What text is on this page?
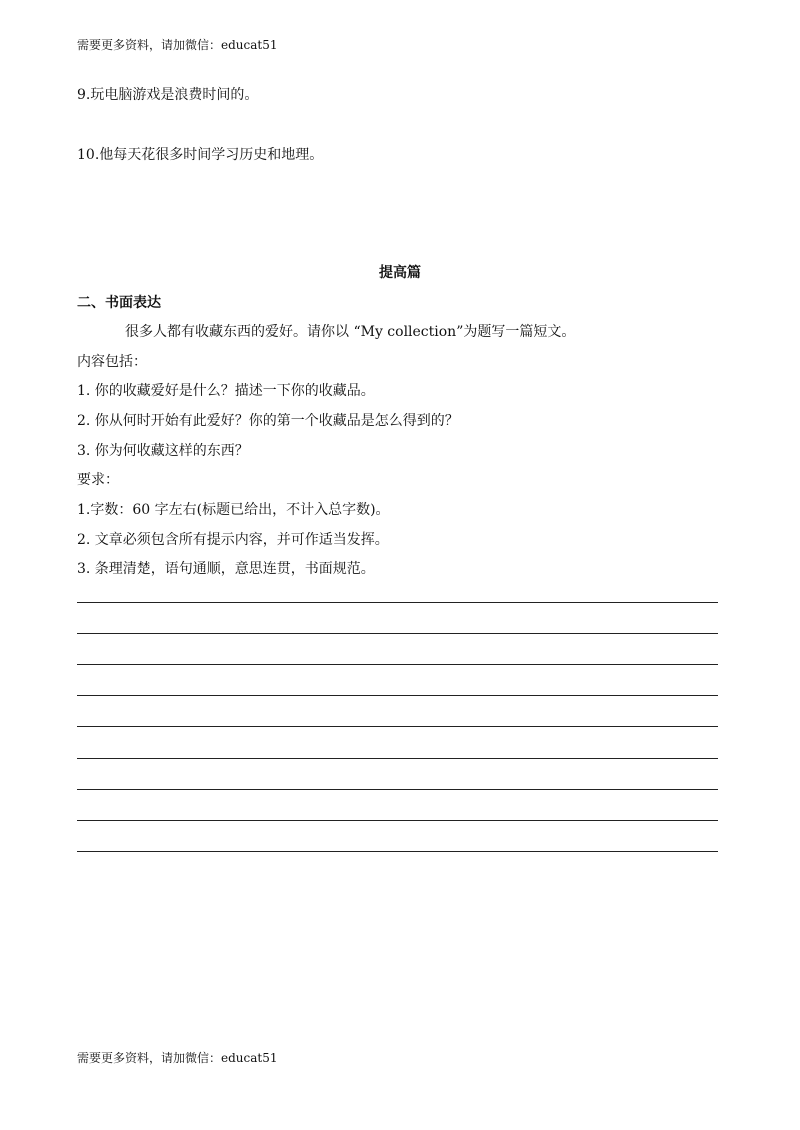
需要更多资料，请加微信：educat51
9.玩电脑游戏是浪费时间的。
10.他每天花很多时间学习历史和地理。
提高篇
二、书面表达
很多人都有收藏东西的爱好。请你以 “My collection”为题写一篇短文。
内容包括：
1. 你的收藏爱好是什么？描述一下你的收藏品。
2. 你从何时开始有此爱好？你的第一个收藏品是怎么得到的？
3. 你为何收藏这样的东西？
要求：
1.字数：60 字左右(标题已给出，不计入总字数)。
2. 文章必须包含所有提示内容，并可作适当发挥。
3. 条理清楚，语句通顺，意思连贯，书面规范。
需要更多资料，请加微信：educat51
